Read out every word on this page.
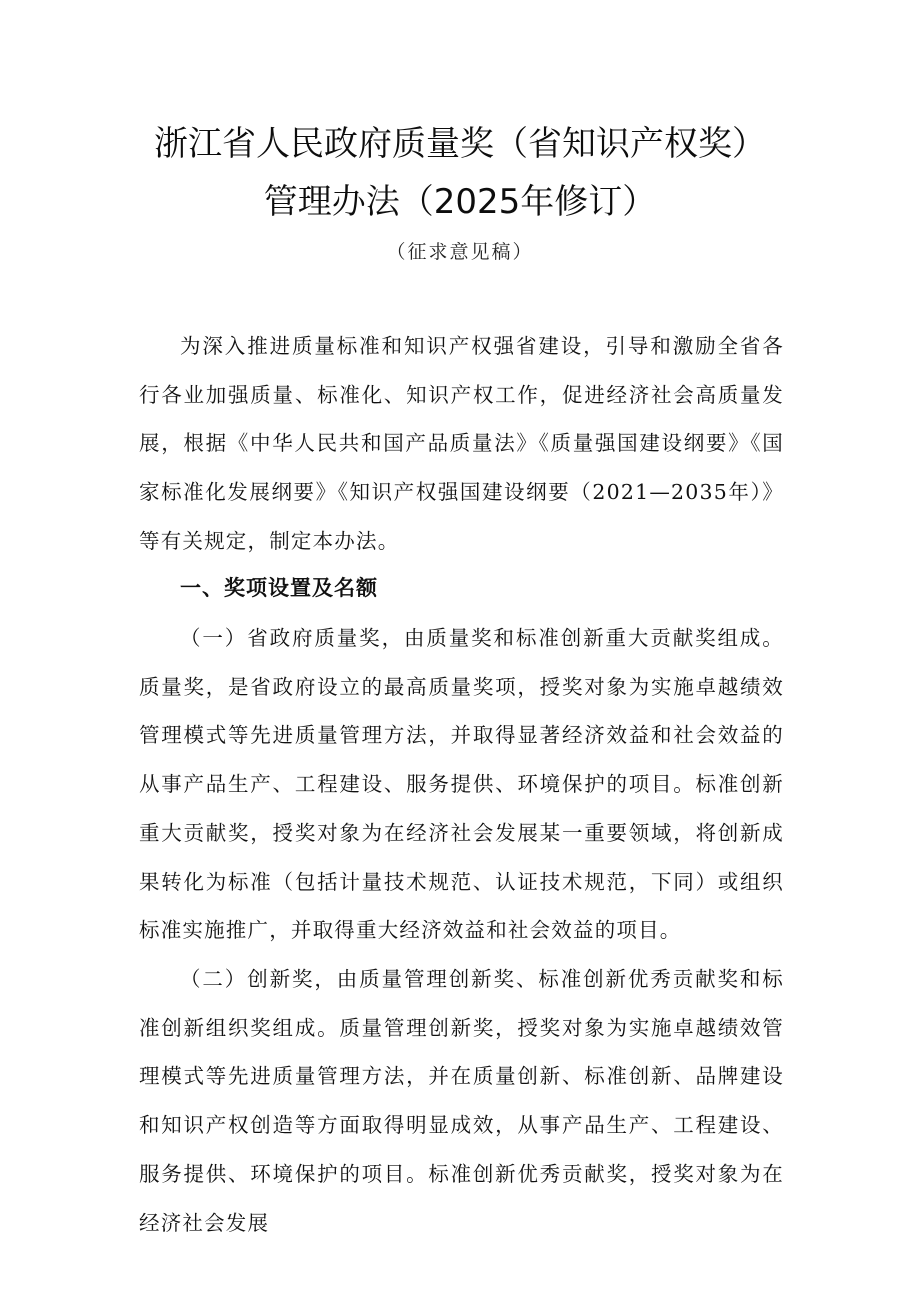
浙江省人民政府质量奖（省知识产权奖）
管理办法（2025年修订）
（征求意见稿）

为深入推进质量标准和知识产权强省建设，引导和激励全省各行各业加强质量、标准化、知识产权工作，促进经济社会高质量发展，根据《中华人民共和国产品质量法》《质量强国建设纲要》《国家标准化发展纲要》《知识产权强国建设纲要（2021—2035年）》等有关规定，制定本办法。

一、奖项设置及名额

（一）省政府质量奖，由质量奖和标准创新重大贡献奖组成。质量奖，是省政府设立的最高质量奖项，授奖对象为实施卓越绩效管理模式等先进质量管理方法，并取得显著经济效益和社会效益的从事产品生产、工程建设、服务提供、环境保护的项目。标准创新重大贡献奖，授奖对象为在经济社会发展某一重要领域，将创新成果转化为标准（包括计量技术规范、认证技术规范，下同）或组织标准实施推广，并取得重大经济效益和社会效益的项目。

（二）创新奖，由质量管理创新奖、标准创新优秀贡献奖和标准创新组织奖组成。质量管理创新奖，授奖对象为实施卓越绩效管理模式等先进质量管理方法，并在质量创新、标准创新、品牌建设和知识产权创造等方面取得明显成效，从事产品生产、工程建设、服务提供、环境保护的项目。标准创新优秀贡献奖，授奖对象为在经济社会发展
